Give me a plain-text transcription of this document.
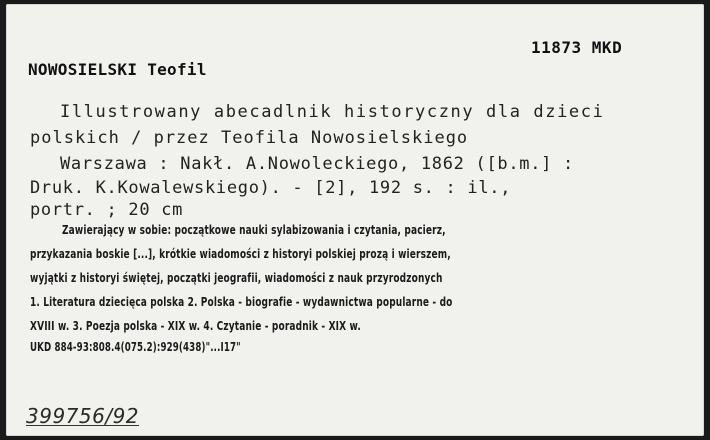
11873 MKD
NOWOSIELSKI Teofil
Illustrowany abecadlnik historyczny dla dzieci
polskich / przez Teofila Nowosielskiego
Warszawa : Nakł. A.Nowoleckiego, 1862 ([b.m.] :
Druk. K.Kowalewskiego). - [2], 192 s. : il.,
portr. ; 20 cm
Zawierający w sobie: początkowe nauki sylabizowania i czytania, pacierz,
przykazania boskie [...], krótkie wiadomości z historyi polskiej prozą i wierszem,
wyjątki z historyi świętej, początki jeografii, wiadomości z nauk przyrodzonych
1. Literatura dziecięca polska 2. Polska - biografie - wydawnictwa popularne - do
XVIII w. 3. Poezja polska - XIX w. 4. Czytanie - poradnik - XIX w.
UKD 884-93:808.4(075.2):929(438)"...I17"
399756/92
